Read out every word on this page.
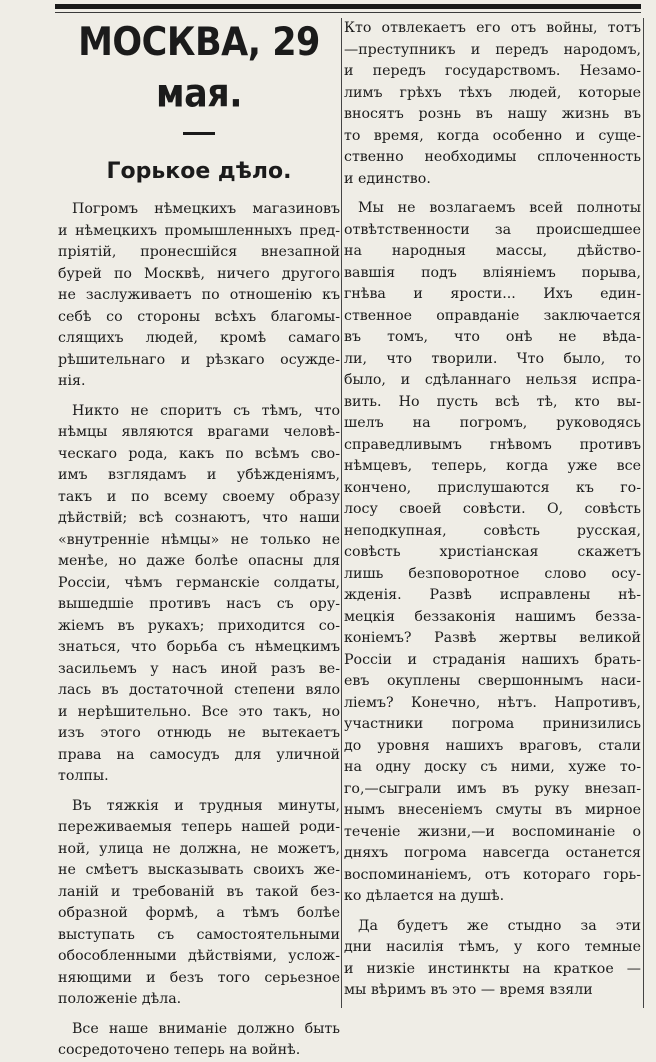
МОСКВА, 29 мая.
Горькое дѣло.
Погромъ нѣмецкихъ магазиновъ
и нѣмецкихъ промышленныхъ пред-
пріятій, пронесшійся внезапной
бурей по Москвѣ, ничего другого
не заслуживаетъ по отношенію къ
себѣ со стороны всѣхъ благомы-
слящихъ людей, кромѣ самаго
рѣшительнаго и рѣзкаго осужде-
нія.
Никто не споритъ съ тѣмъ, что
нѣмцы являются врагами человѣ-
ческаго рода, какъ по всѣмъ сво-
имъ взглядамъ и убѣжденіямъ,
такъ и по всему своему образу
дѣйствій; всѣ сознаютъ, что наши
«внутренніе нѣмцы» не только не
менѣе, но даже болѣе опасны для
Россіи, чѣмъ германскіе солдаты,
вышедшіе противъ насъ съ ору-
жіемъ въ рукахъ; приходится со-
знаться, что борьба съ нѣмецкимъ
засильемъ у насъ иной разъ ве-
лась въ достаточной степени вяло
и нерѣшительно. Все это такъ, но
изъ этого отнюдь не вытекаетъ
права на самосудъ для уличной
толпы.
Въ тяжкія и трудныя минуты,
переживаемыя теперь нашей роди-
ной, улица не должна, не можетъ,
не смѣетъ высказывать своихъ же-
ланій и требованій въ такой без-
образной формѣ, а тѣмъ болѣе
выступать съ самостоятельными
обособленными дѣйствіями, услож-
няющими и безъ того серьезное
положеніе дѣла.
Все наше вниманіе должно быть
сосредоточено теперь на войнѣ.
Кто отвлекаетъ его отъ войны, тотъ
—преступникъ и передъ народомъ,
и передъ государствомъ. Незамо-
лимъ грѣхъ тѣхъ людей, которые
вносятъ рознь въ нашу жизнь въ
то время, когда особенно и суще-
ственно необходимы сплоченность
и единство.
Мы не возлагаемъ всей полноты
отвѣтственности за происшедшее
на народныя массы, дѣйство-
вавшія подъ вліяніемъ порыва,
гнѣва и ярости... Ихъ един-
ственное оправданіе заключается
въ томъ, что онѣ не вѣда-
ли, что творили. Что было, то
было, и сдѣланнаго нельзя испра-
вить. Но пусть всѣ тѣ, кто вы-
шелъ на погромъ, руководясь
справедливымъ гнѣвомъ противъ
нѣмцевъ, теперь, когда уже все
кончено, прислушаются къ го-
лосу своей совѣсти. О, совѣсть
неподкупная, совѣсть русская,
совѣсть христіанская скажетъ
лишь безповоротное слово осу-
жденія. Развѣ исправлены нѣ-
мецкія беззаконія нашимъ безза-
коніемъ? Развѣ жертвы великой
Россіи и страданія нашихъ брать-
евъ окуплены свершоннымъ наси-
ліемъ? Конечно, нѣтъ. Напротивъ,
участники погрома принизились
до уровня нашихъ враговъ, стали
на одну доску съ ними, хуже то-
го,—сыграли имъ въ руку внезап-
нымъ внесеніемъ смуты въ мирное
теченіе жизни,—и воспоминаніе о
дняхъ погрома навсегда останется
воспоминаніемъ, отъ котораго горь-
ко дѣлается на душѣ.
Да будетъ же стыдно за эти
дни насилія тѣмъ, у кого темные
и низкіе инстинкты на краткое —
мы вѣримъ въ это — время взяли
